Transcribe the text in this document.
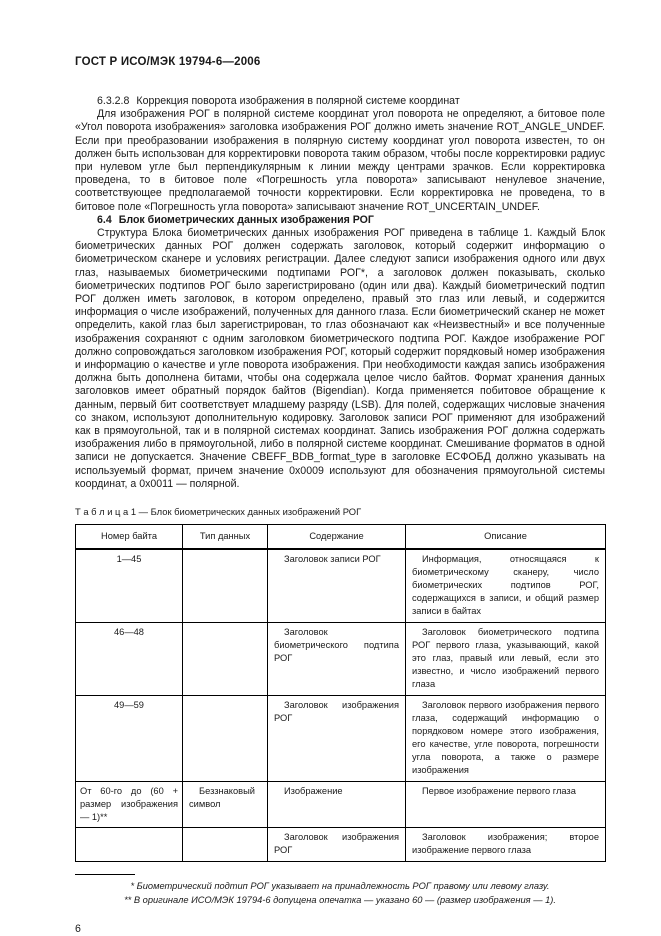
ГОСТ Р ИСО/МЭК 19794-6—2006
6.3.2.8 Коррекция поворота изображения в полярной системе координат

Для изображения РОГ в полярной системе координат угол поворота не определяют, а битовое поле «Угол поворота изображения» заголовка изображения РОГ должно иметь значение ROT_ANGLE_UNDEF. Если при преобразовании изображения в полярную систему координат угол поворота известен, то он должен быть использован для корректировки поворота таким образом, чтобы после корректировки радиус при нулевом угле был перпендикулярным к линии между центрами зрачков. Если корректировка проведена, то в битовое поле «Погрешность угла поворота» записывают ненулевое значение, соответствующее предполагаемой точности корректировки. Если корректировка не проведена, то в битовое поле «Погрешность угла поворота» записывают значение ROT_UNCERTAIN_UNDEF.

6.4 Блок биометрических данных изображения РОГ

Структура Блока биометрических данных изображения РОГ приведена в таблице 1. Каждый Блок биометрических данных РОГ должен содержать заголовок, который содержит информацию о биометрическом сканере и условиях регистрации. Далее следуют записи изображения одного или двух глаз, называемых биометрическими подтипами РОГ*, а заголовок должен показывать, сколько биометрических подтипов РОГ было зарегистрировано (один или два). Каждый биометрический подтип РОГ должен иметь заголовок, в котором определено, правый это глаз или левый, и содержится информация о числе изображений, полученных для данного глаза. Если биометрический сканер не может определить, какой глаз был зарегистрирован, то глаз обозначают как «Неизвестный» и все полученные изображения сохраняют с одним заголовком биометрического подтипа РОГ. Каждое изображение РОГ должно сопровождаться заголовком изображения РОГ, который содержит порядковый номер изображения и информацию о качестве и угле поворота изображения. При необходимости каждая запись изображения должна быть дополнена битами, чтобы она содержала целое число байтов. Формат хранения данных заголовков имеет обратный порядок байтов (Bigendian). Когда применяется побитовое обращение к данным, первый бит соответствует младшему разряду (LSB). Для полей, содержащих числовые значения со знаком, используют дополнительную кодировку. Заголовок записи РОГ применяют для изображений как в прямоугольной, так и в полярной системах координат. Запись изображения РОГ должна содержать изображения либо в прямоугольной, либо в полярной системе координат. Смешивание форматов в одной записи не допускается. Значение CBEFF_BDB_format_type в заголовке ЕСФОБД должно указывать на используемый формат, причем значение 0x0009 используют для обозначения прямоугольной системы координат, а 0x0011 — полярной.

Т а б л и ц а 1 — Блок биометрических данных изображений РОГ
Номер байта	Тип данных	Содержание	Описание
1—45		Заголовок записи РОГ	Информация, относящаяся к биометрическому сканеру, число биометрических подтипов РОГ, содержащихся в записи, и общий размер записи в байтах
46—48		Заголовок биометрического подтипа РОГ	Заголовок биометрического подтипа РОГ первого глаза, указывающий, какой это глаз, правый или левый, если это известно, и число изображений первого глаза
49—59		Заголовок изображения РОГ	Заголовок первого изображения первого глаза, содержащий информацию о порядковом номере этого изображения, его качестве, угле поворота, погрешности угла поворота, а также о размере изображения
От 60-го до (60 + размер изображения — 1)**	Беззнаковый символ	Изображение	Первое изображение первого глаза
		Заголовок изображения РОГ	Заголовок изображения; второе изображение первого глаза

* Биометрический подтип РОГ указывает на принадлежность РОГ правому или левому глазу.

** В оригинале ИСО/МЭК 19794-6 допущена опечатка — указано 60 — (размер изображения — 1).

6
